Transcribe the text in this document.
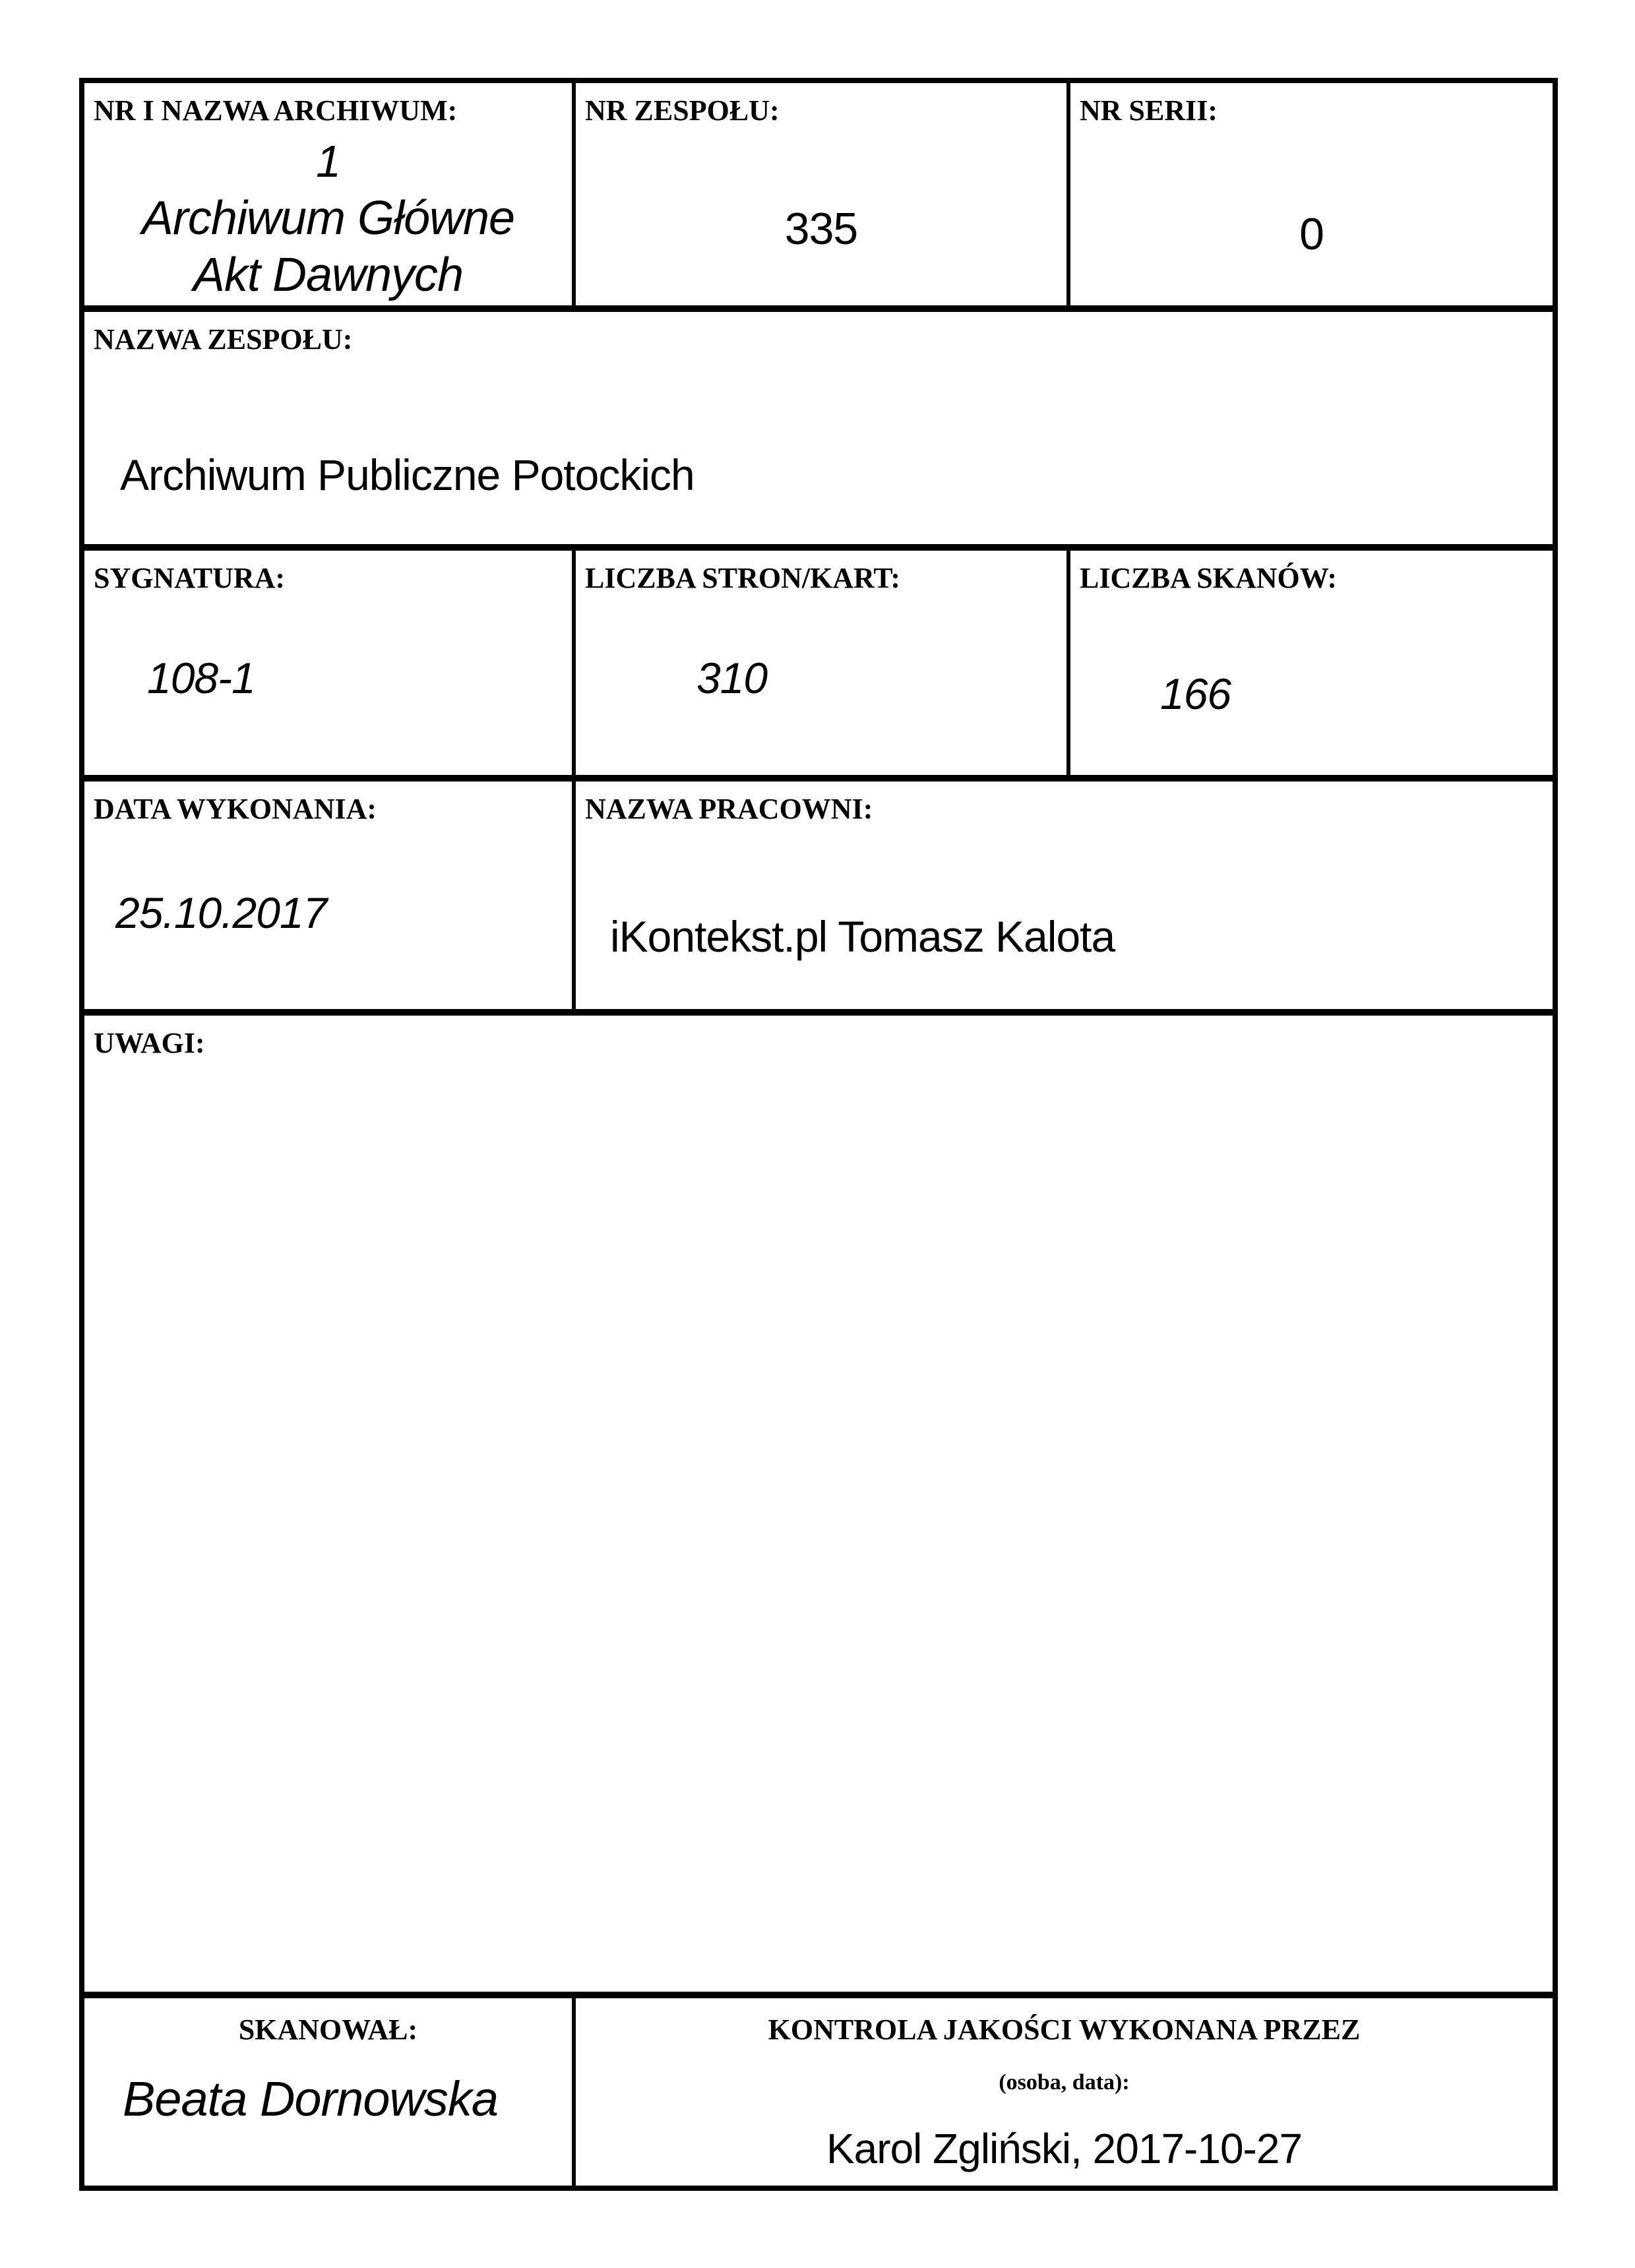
NR I NAZWA ARCHIWUM:
1
Archiwum Główne
Akt Dawnych
NR ZESPOŁU:
335
NR SERII:
0
NAZWA ZESPOŁU:
Archiwum Publiczne Potockich
SYGNATURA:
108-1
LICZBA STRON/KART:
310
LICZBA SKANÓW:
166
DATA WYKONANIA:
25.10.2017
NAZWA PRACOWNI:
iKontekst.pl Tomasz Kalota
UWAGI:
SKANOWAŁ:
Beata Dornowska
KONTROLA JAKOŚCI WYKONANA PRZEZ
(osoba, data):
Karol Zgliński, 2017-10-27
